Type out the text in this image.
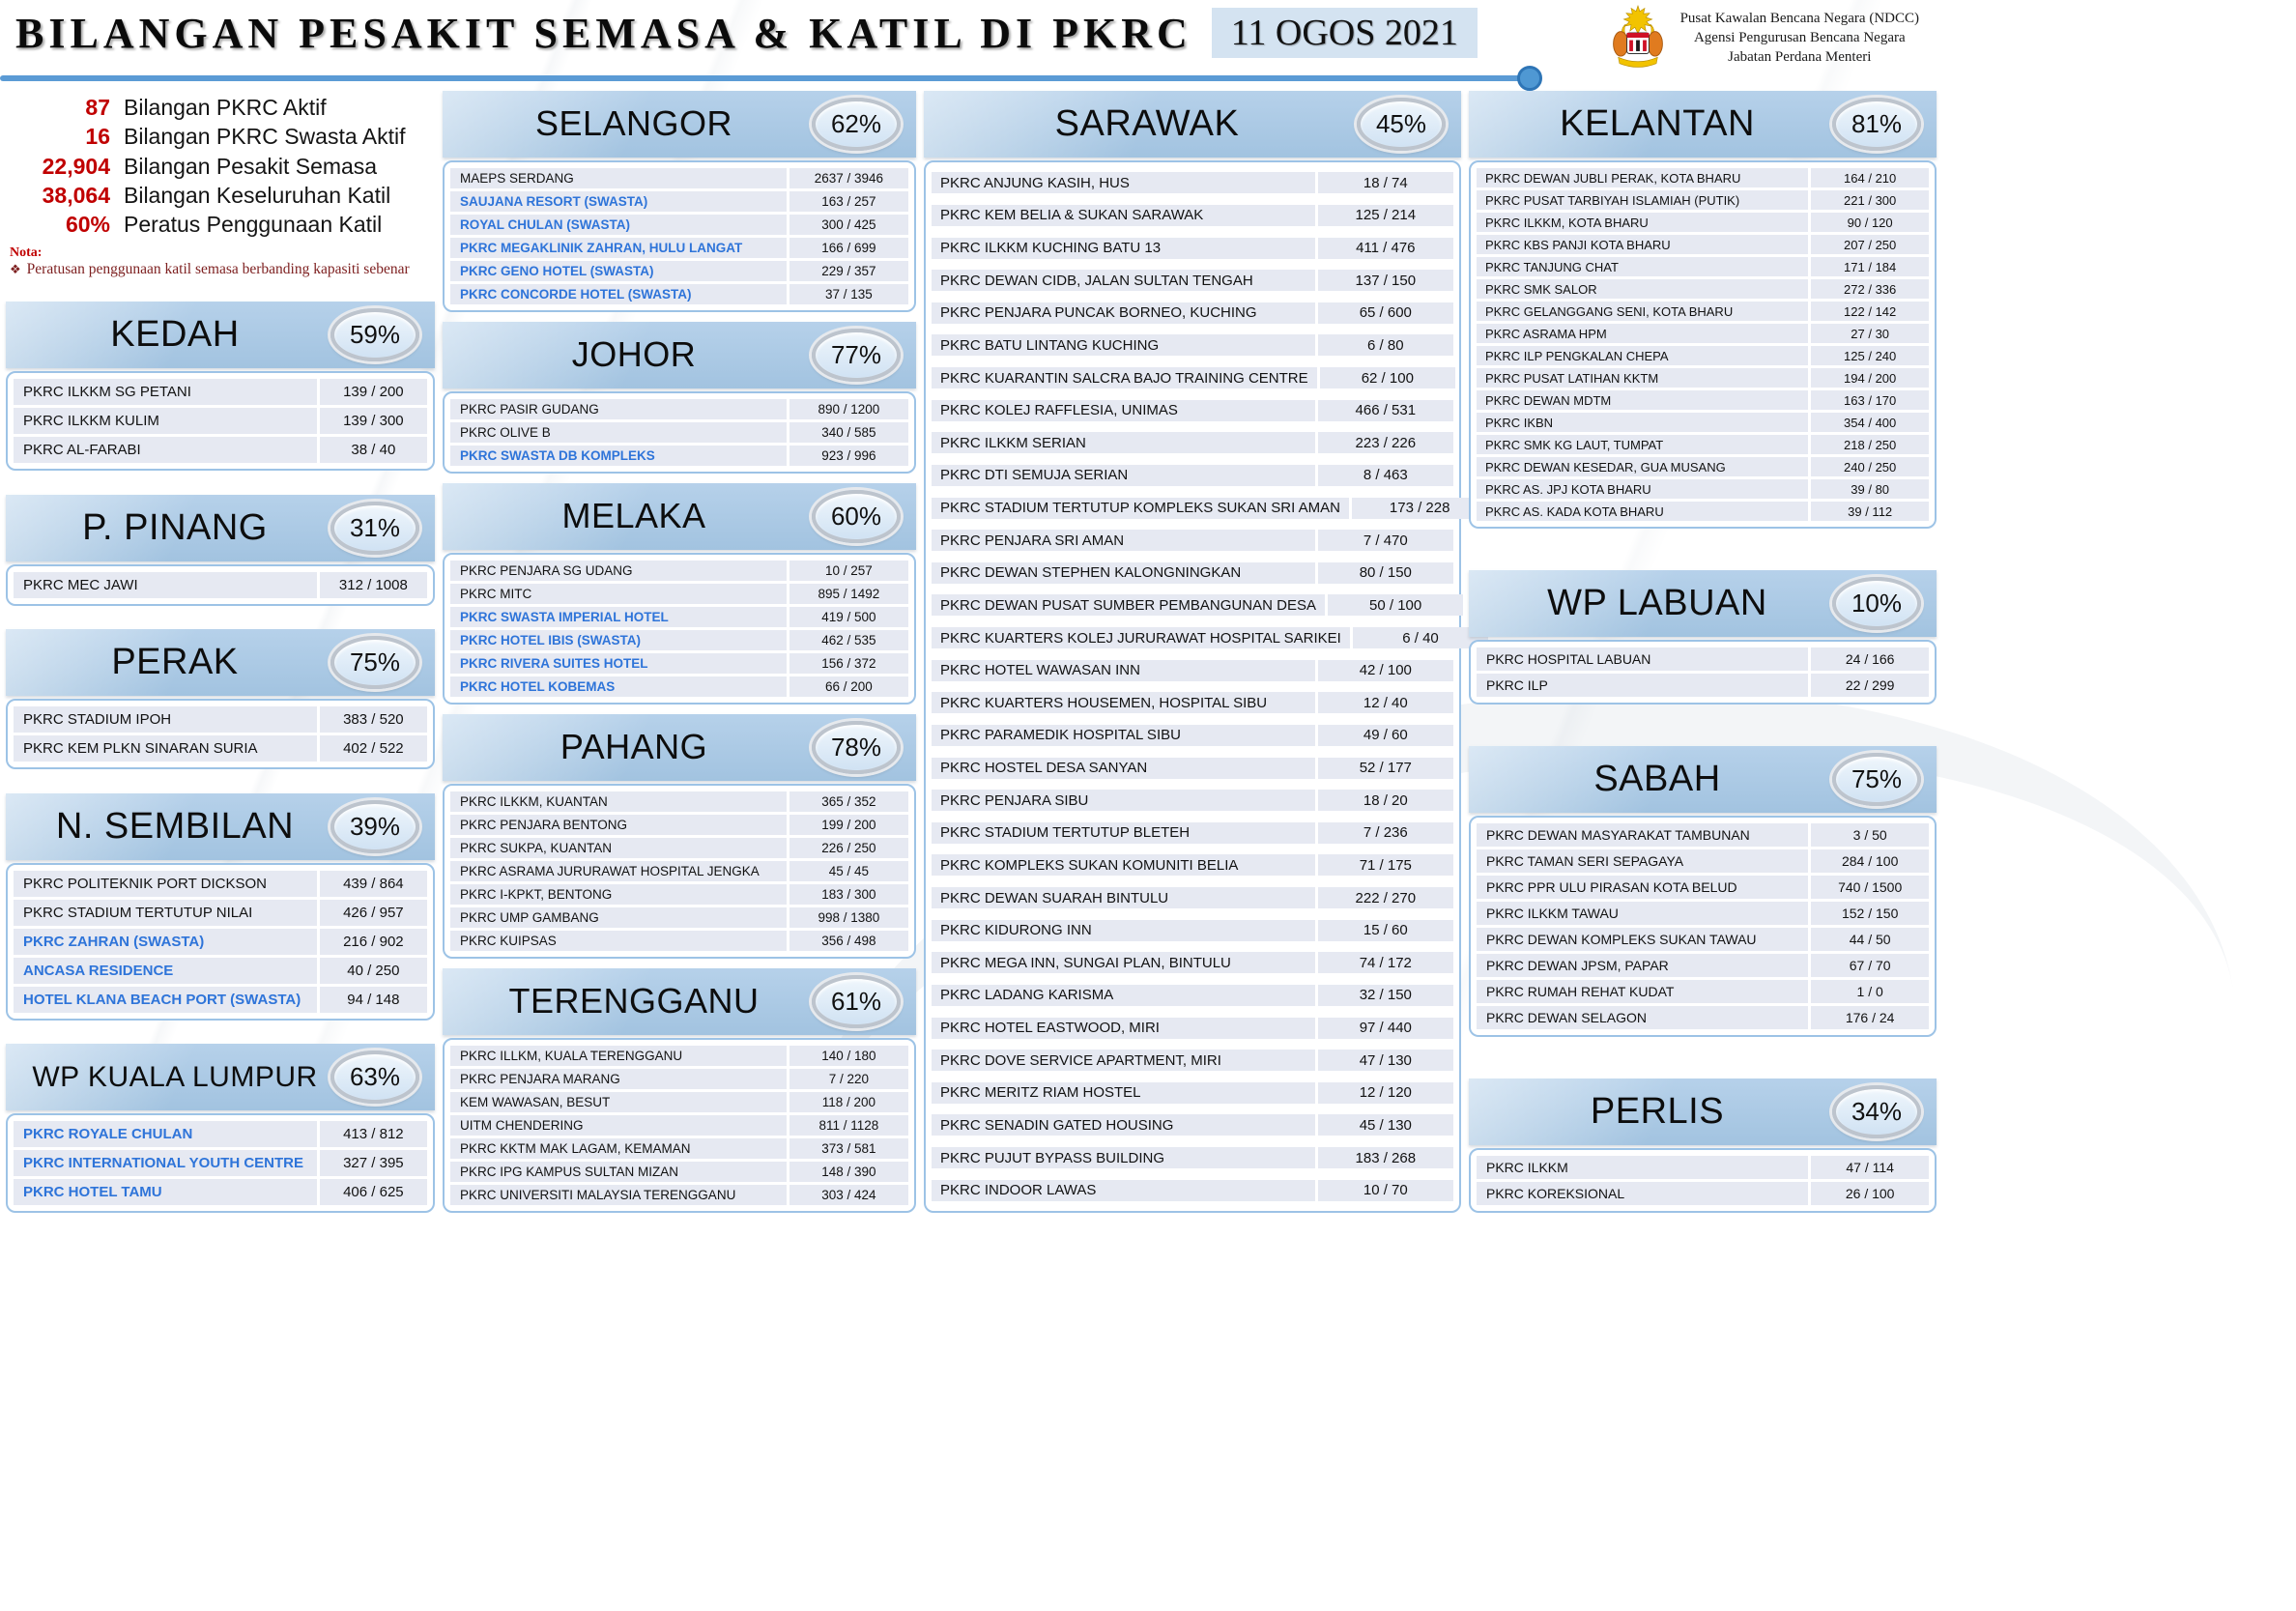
BILANGAN PESAKIT SEMASA & KATIL DI PKRC	11 OGOS 2021	Pusat Kawalan Bencana Negara (NDCC)
Agensi Pengurusan Bencana Negara
Jabatan Perdana Menteri
87 Bilangan PKRC Aktif
16 Bilangan PKRC Swasta Aktif
22,904 Bilangan Pesakit Semasa
38,064 Bilangan Keseluruhan Katil
60% Peratus Penggunaan Katil
Nota:
❖ Peratusan penggunaan katil semasa berbanding kapasiti sebenar
KEDAH	59%
PKRC ILKKM SG PETANI	139 / 200
PKRC ILKKM KULIM	139 / 300
PKRC AL-FARABI	38 / 40
P. PINANG	31%
PKRC MEC JAWI	312 / 1008
PERAK	75%
PKRC STADIUM IPOH	383 / 520
PKRC KEM PLKN SINARAN SURIA	402 / 522
N. SEMBILAN	39%
PKRC POLITEKNIK PORT DICKSON	439 / 864
PKRC STADIUM TERTUTUP NILAI	426 / 957
PKRC ZAHRAN (SWASTA)	216 / 902
ANCASA RESIDENCE	40 / 250
HOTEL KLANA BEACH PORT (SWASTA)	94 / 148
WP KUALA LUMPUR	63%
PKRC ROYALE CHULAN	413 / 812
PKRC INTERNATIONAL YOUTH CENTRE	327 / 395
PKRC HOTEL TAMU	406 / 625
SELANGOR	62%
MAEPS SERDANG	2637 / 3946
SAUJANA RESORT (SWASTA)	163 / 257
ROYAL CHULAN (SWASTA)	300 / 425
PKRC MEGAKLINIK ZAHRAN, HULU LANGAT	166 / 699
PKRC GENO HOTEL (SWASTA)	229 / 357
PKRC CONCORDE HOTEL (SWASTA)	37 / 135
JOHOR	77%
PKRC PASIR GUDANG	890 / 1200
PKRC OLIVE B	340 / 585
PKRC SWASTA DB KOMPLEKS	923 / 996
MELAKA	60%
PKRC PENJARA SG UDANG	10 / 257
PKRC MITC	895 / 1492
PKRC SWASTA IMPERIAL HOTEL	419 / 500
PKRC HOTEL IBIS (SWASTA)	462 / 535
PKRC RIVERA SUITES HOTEL	156 / 372
PKRC HOTEL KOBEMAS	66 / 200
PAHANG	78%
PKRC ILKKM, KUANTAN	365 / 352
PKRC PENJARA BENTONG	199 / 200
PKRC SUKPA, KUANTAN	226 / 250
PKRC ASRAMA JURURAWAT HOSPITAL JENGKA	45 / 45
PKRC I-KPKT, BENTONG	183 / 300
PKRC UMP GAMBANG	998 / 1380
PKRC KUIPSAS	356 / 498
TERENGGANU	61%
PKRC ILLKM, KUALA TERENGGANU	140 / 180
PKRC PENJARA MARANG	7 / 220
KEM WAWASAN, BESUT	118 / 200
UITM CHENDERING	811 / 1128
PKRC KKTM MAK LAGAM, KEMAMAN	373 / 581
PKRC IPG KAMPUS SULTAN MIZAN	148 / 390
PKRC UNIVERSITI MALAYSIA TERENGGANU	303 / 424
SARAWAK	45%
PKRC ANJUNG KASIH, HUS	18 / 74
PKRC KEM BELIA & SUKAN SARAWAK	125 / 214
PKRC ILKKM KUCHING BATU 13	411 / 476
PKRC DEWAN CIDB, JALAN SULTAN TENGAH	137 / 150
PKRC PENJARA PUNCAK BORNEO, KUCHING	65 / 600
PKRC BATU LINTANG KUCHING	6 / 80
PKRC KUARANTIN SALCRA BAJO TRAINING CENTRE	62 / 100
PKRC KOLEJ RAFFLESIA, UNIMAS	466 / 531
PKRC ILKKM SERIAN	223 / 226
PKRC DTI SEMUJA SERIAN	8 / 463
PKRC STADIUM TERTUTUP KOMPLEKS SUKAN SRI AMAN	173 / 228
PKRC PENJARA SRI AMAN	7 / 470
PKRC DEWAN STEPHEN KALONGNINGKAN	80 / 150
PKRC DEWAN PUSAT SUMBER PEMBANGUNAN DESA	50 / 100
PKRC KUARTERS KOLEJ JURURAWAT HOSPITAL SARIKEI	6 / 40
PKRC HOTEL WAWASAN INN	42 / 100
PKRC KUARTERS HOUSEMEN, HOSPITAL SIBU	12 / 40
PKRC PARAMEDIK HOSPITAL SIBU	49 / 60
PKRC HOSTEL DESA SANYAN	52 / 177
PKRC PENJARA SIBU	18 / 20
PKRC STADIUM TERTUTUP BLETEH	7 / 236
PKRC KOMPLEKS SUKAN KOMUNITI BELIA	71 / 175
PKRC DEWAN SUARAH BINTULU	222 / 270
PKRC KIDURONG INN	15 / 60
PKRC MEGA INN, SUNGAI PLAN, BINTULU	74 / 172
PKRC LADANG KARISMA	32 / 150
PKRC HOTEL EASTWOOD, MIRI	97 / 440
PKRC DOVE SERVICE APARTMENT, MIRI	47 / 130
PKRC MERITZ RIAM HOSTEL	12 / 120
PKRC SENADIN GATED HOUSING	45 / 130
PKRC PUJUT BYPASS BUILDING	183 / 268
PKRC INDOOR LAWAS	10 / 70
KELANTAN	81%
PKRC DEWAN JUBLI PERAK, KOTA BHARU	164 / 210
PKRC PUSAT TARBIYAH ISLAMIAH (PUTIK)	221 / 300
PKRC ILKKM, KOTA BHARU	90 / 120
PKRC KBS PANJI KOTA BHARU	207 / 250
PKRC TANJUNG CHAT	171 / 184
PKRC SMK SALOR	272 / 336
PKRC GELANGGANG SENI, KOTA BHARU	122 / 142
PKRC ASRAMA HPM	27 / 30
PKRC ILP PENGKALAN CHEPA	125 / 240
PKRC PUSAT LATIHAN KKTM	194 / 200
PKRC DEWAN MDTM	163 / 170
PKRC IKBN	354 / 400
PKRC SMK KG LAUT, TUMPAT	218 / 250
PKRC DEWAN KESEDAR, GUA MUSANG	240 / 250
PKRC AS. JPJ KOTA BHARU	39 / 80
PKRC AS. KADA KOTA BHARU	39 / 112
WP LABUAN	10%
PKRC HOSPITAL LABUAN	24 / 166
PKRC ILP	22 / 299
SABAH	75%
PKRC DEWAN MASYARAKAT TAMBUNAN	3 / 50
PKRC TAMAN SERI SEPAGAYA	284 / 100
PKRC PPR ULU PIRASAN KOTA BELUD	740 / 1500
PKRC ILKKM TAWAU	152 / 150
PKRC DEWAN KOMPLEKS SUKAN TAWAU	44 / 50
PKRC DEWAN JPSM, PAPAR	67 / 70
PKRC RUMAH REHAT KUDAT	1 / 0
PKRC DEWAN SELAGON	176 / 24
PERLIS	34%
PKRC ILKKM	47 / 114
PKRC KOREKSIONAL	26 / 100
